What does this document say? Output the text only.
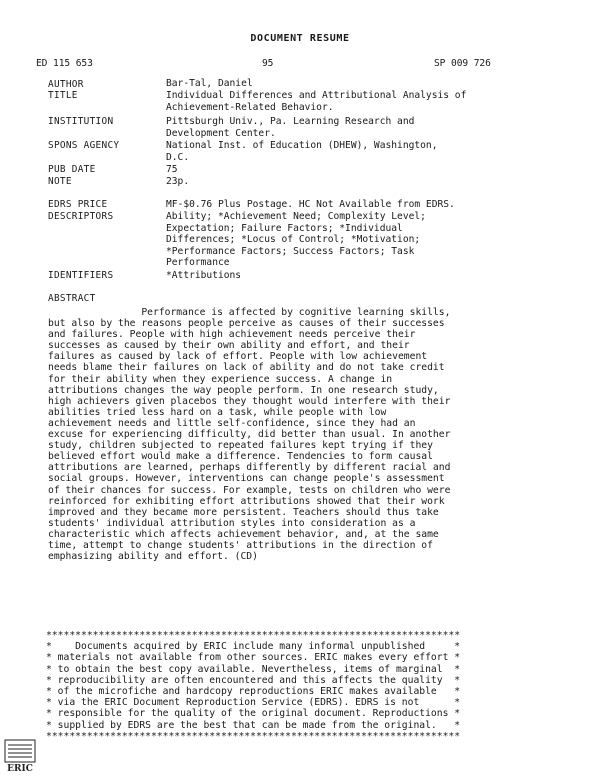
DOCUMENT RESUME
ED 115 653	95	SP 009 726
AUTHOR	Bar-Tal, Daniel
TITLE	Individual Differences and Attributional Analysis of
Achievement-Related Behavior.
INSTITUTION	Pittsburgh Univ., Pa. Learning Research and
Development Center.
SPONS AGENCY	National Inst. of Education (DHEW), Washington,
D.C.
PUB DATE	75
NOTE	23p.
EDRS PRICE	MF-$0.76 Plus Postage. HC Not Available from EDRS.
DESCRIPTORS	Ability; *Achievement Need; Complexity Level;
Expectation; Failure Factors; *Individual
Differences; *Locus of Control; *Motivation;
*Performance Factors; Success Factors; Task
Performance
IDENTIFIERS	*Attributions
ABSTRACT
Performance is affected by cognitive learning skills,
but also by the reasons people perceive as causes of their successes
and failures. People with high achievement needs perceive their
successes as caused by their own ability and effort, and their
failures as caused by lack of effort. People with low achievement
needs blame their failures on lack of ability and do not take credit
for their ability when they experience success. A change in
attributions changes the way people perform. In one research study,
high achievers given placebos they thought would interfere with their
abilities tried less hard on a task, while people with low
achievement needs and little self-confidence, since they had an
excuse for experiencing difficulty, did better than usual. In another
study, children subjected to repeated failures kept trying if they
believed effort would make a difference. Tendencies to form causal
attributions are learned, perhaps differently by different racial and
social groups. However, interventions can change people's assessment
of their chances for success. For example, tests on children who were
reinforced for exhibiting effort attributions showed that their work
improved and they became more persistent. Teachers should thus take
students' individual attribution styles into consideration as a
characteristic which affects achievement behavior, and, at the same
time, attempt to change students' attributions in the direction of
emphasizing ability and effort. (CD)
***********************************************************************
*    Documents acquired by ERIC include many informal unpublished     *
* materials not available from other sources. ERIC makes every effort *
* to obtain the best copy available. Nevertheless, items of marginal  *
* reproducibility are often encountered and this affects the quality  *
* of the microfiche and hardcopy reproductions ERIC makes available   *
* via the ERIC Document Reproduction Service (EDRS). EDRS is not      *
* responsible for the quality of the original document. Reproductions *
* supplied by EDRS are the best that can be made from the original.   *
***********************************************************************
ERIC
